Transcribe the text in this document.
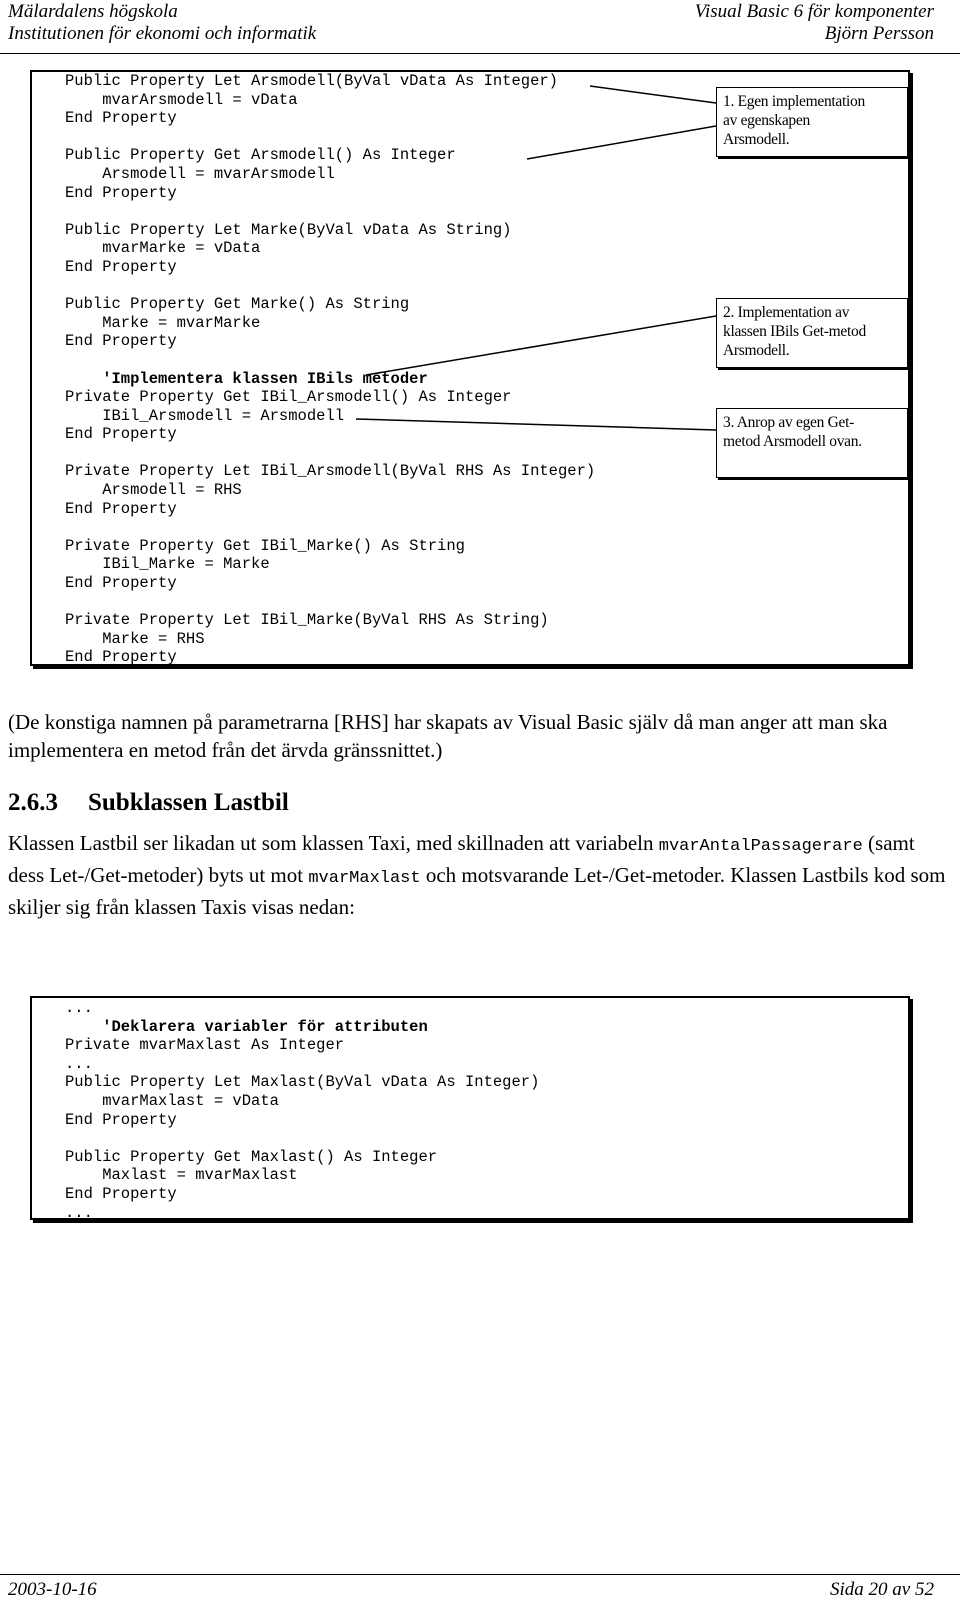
Mälardalens högskola
Institutionen för ekonomi och informatik
Visual Basic 6 för komponenter
Björn Persson
Public Property Let Arsmodell(ByVal vData As Integer)
mvarArsmodell = vData
End Property

Public Property Get Arsmodell() As Integer
Arsmodell = mvarArsmodell
End Property

Public Property Let Marke(ByVal vData As String)
mvarMarke = vData
End Property

Public Property Get Marke() As String
Marke = mvarMarke
End Property

'Implementera klassen IBils metoder
Private Property Get IBil_Arsmodell() As Integer
IBil_Arsmodell = Arsmodell
End Property

Private Property Let IBil_Arsmodell(ByVal RHS As Integer)
Arsmodell = RHS
End Property

Private Property Get IBil_Marke() As String
IBil_Marke = Marke
End Property

Private Property Let IBil_Marke(ByVal RHS As String)
Marke = RHS
End Property
1. Egen implementation
av egenskapen
Arsmodell.
2. Implementation av
klassen IBils Get-metod
Arsmodell.
3. Anrop av egen Get-
metod Arsmodell ovan.
(De konstiga namnen på parametrarna [RHS] har skapats av Visual Basic själv då man anger att man ska implementera en metod från det ärvda gränssnittet.)
2.6.3 Subklassen Lastbil
Klassen Lastbil ser likadan ut som klassen Taxi, med skillnaden att variabeln mvarAntalPassagerare (samt dess Let-/Get-metoder) byts ut mot mvarMaxlast och motsvarande Let-/Get-metoder. Klassen Lastbils kod som skiljer sig från klassen Taxis visas nedan:
...
'Deklarera variabler för attributen
Private mvarMaxlast As Integer
...
Public Property Let Maxlast(ByVal vData As Integer)
mvarMaxlast = vData
End Property

Public Property Get Maxlast() As Integer
Maxlast = mvarMaxlast
End Property
...
2003-10-16	Sida 20 av 52
